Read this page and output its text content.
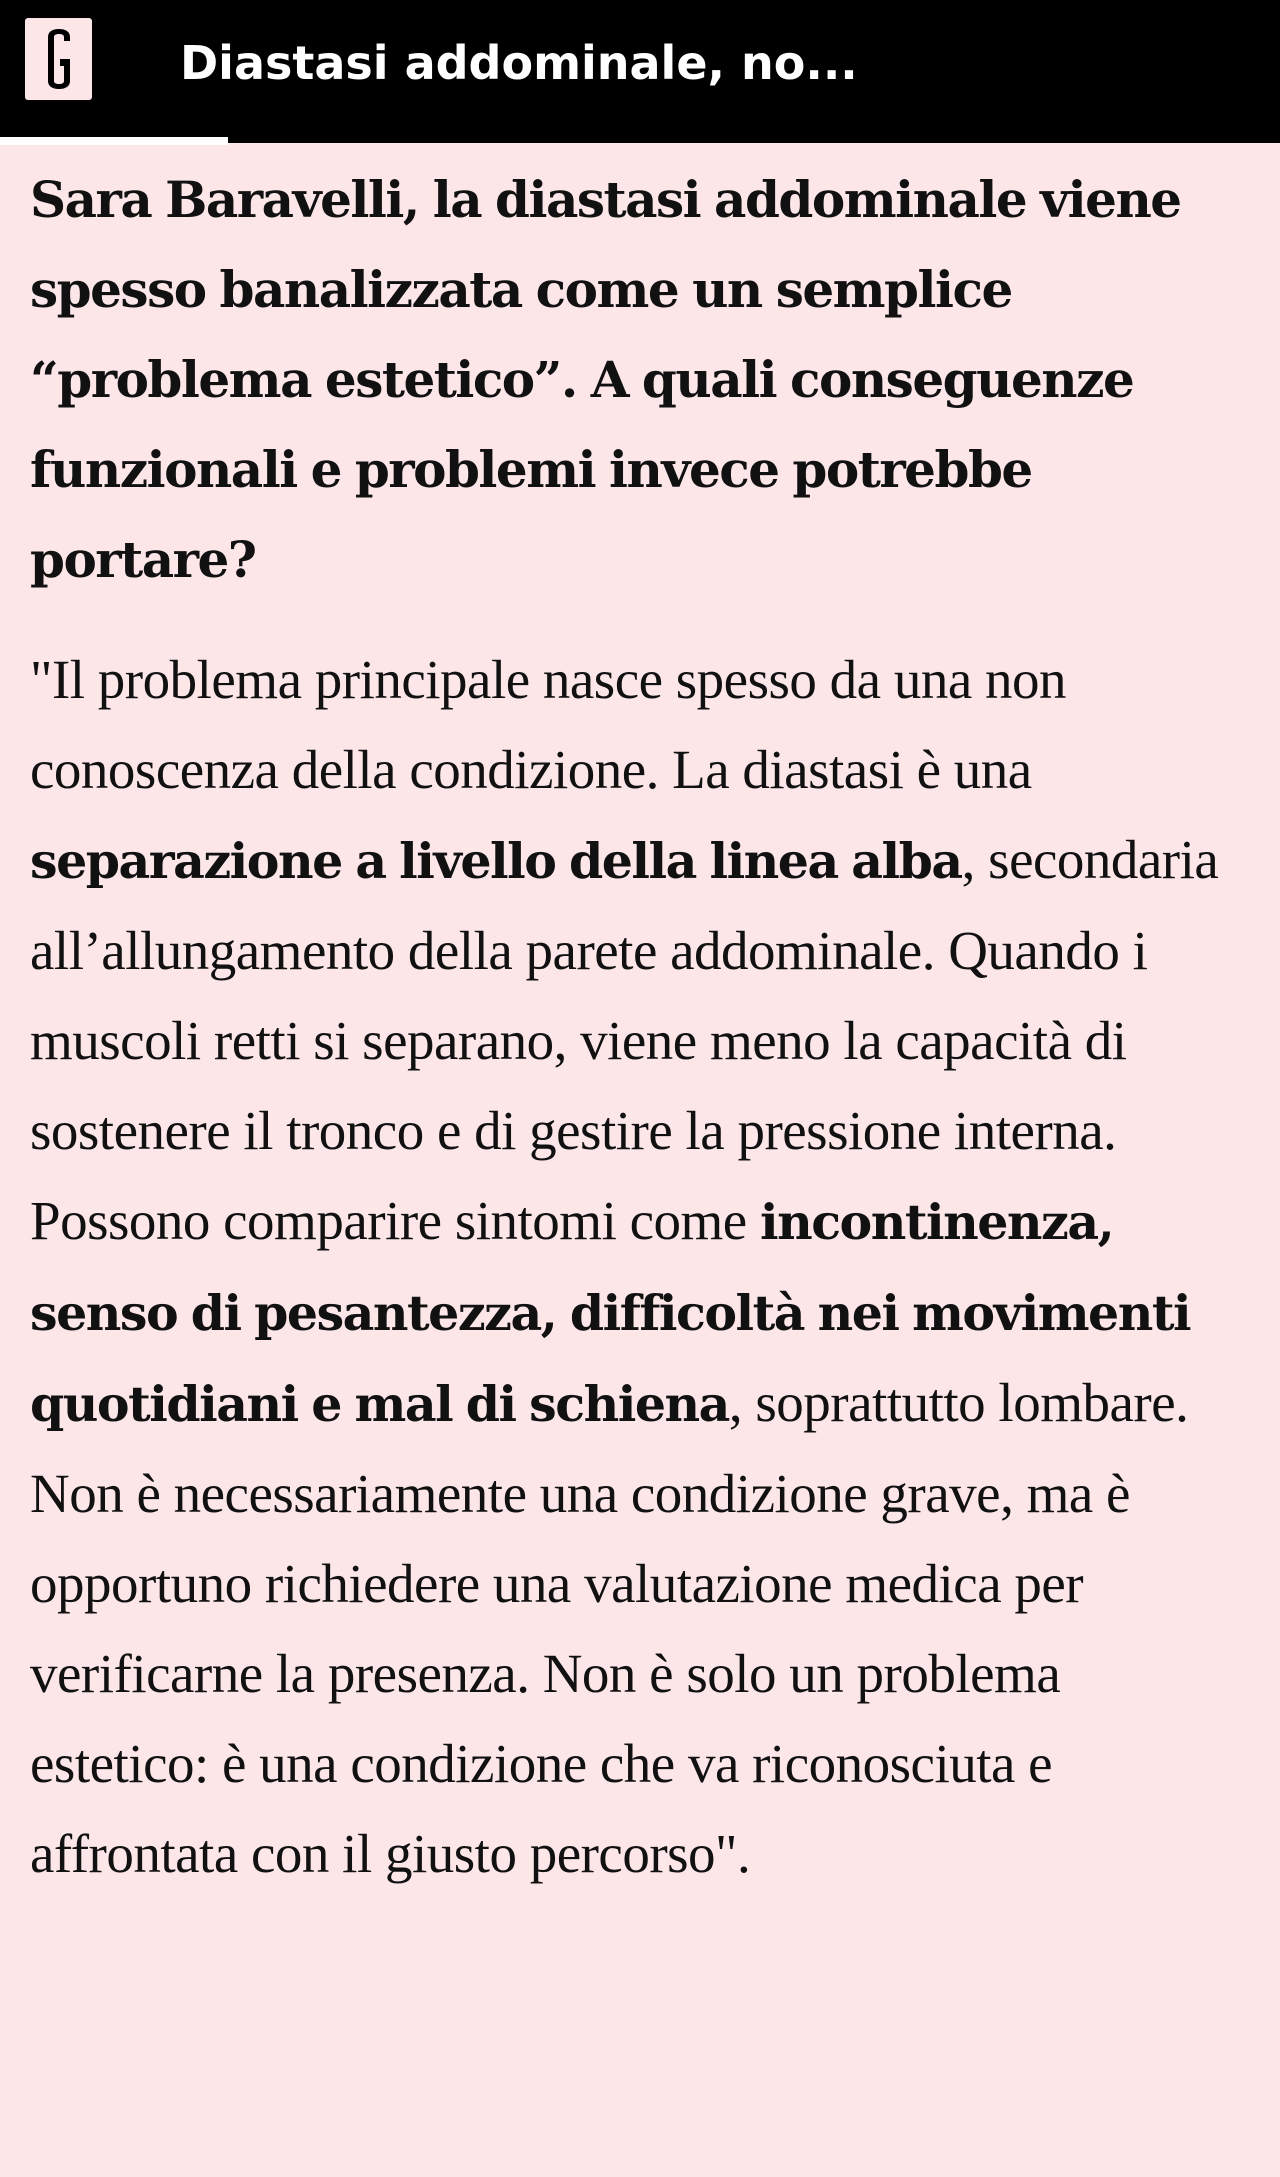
Diastasi addominale, no...

Sara Baravelli, la diastasi addominale viene spesso banalizzata come un semplice “problema estetico”. A quali conseguenze funzionali e problemi invece potrebbe portare?

"Il problema principale nasce spesso da una non conoscenza della condizione. La diastasi è una separazione a livello della linea alba, secondaria all’allungamento della parete addominale. Quando i muscoli retti si separano, viene meno la capacità di sostenere il tronco e di gestire la pressione interna. Possono comparire sintomi come incontinenza, senso di pesantezza, difficoltà nei movimenti quotidiani e mal di schiena, soprattutto lombare. Non è necessariamente una condizione grave, ma è opportuno richiedere una valutazione medica per verificarne la presenza. Non è solo un problema estetico: è una condizione che va riconosciuta e affrontata con il giusto percorso".
